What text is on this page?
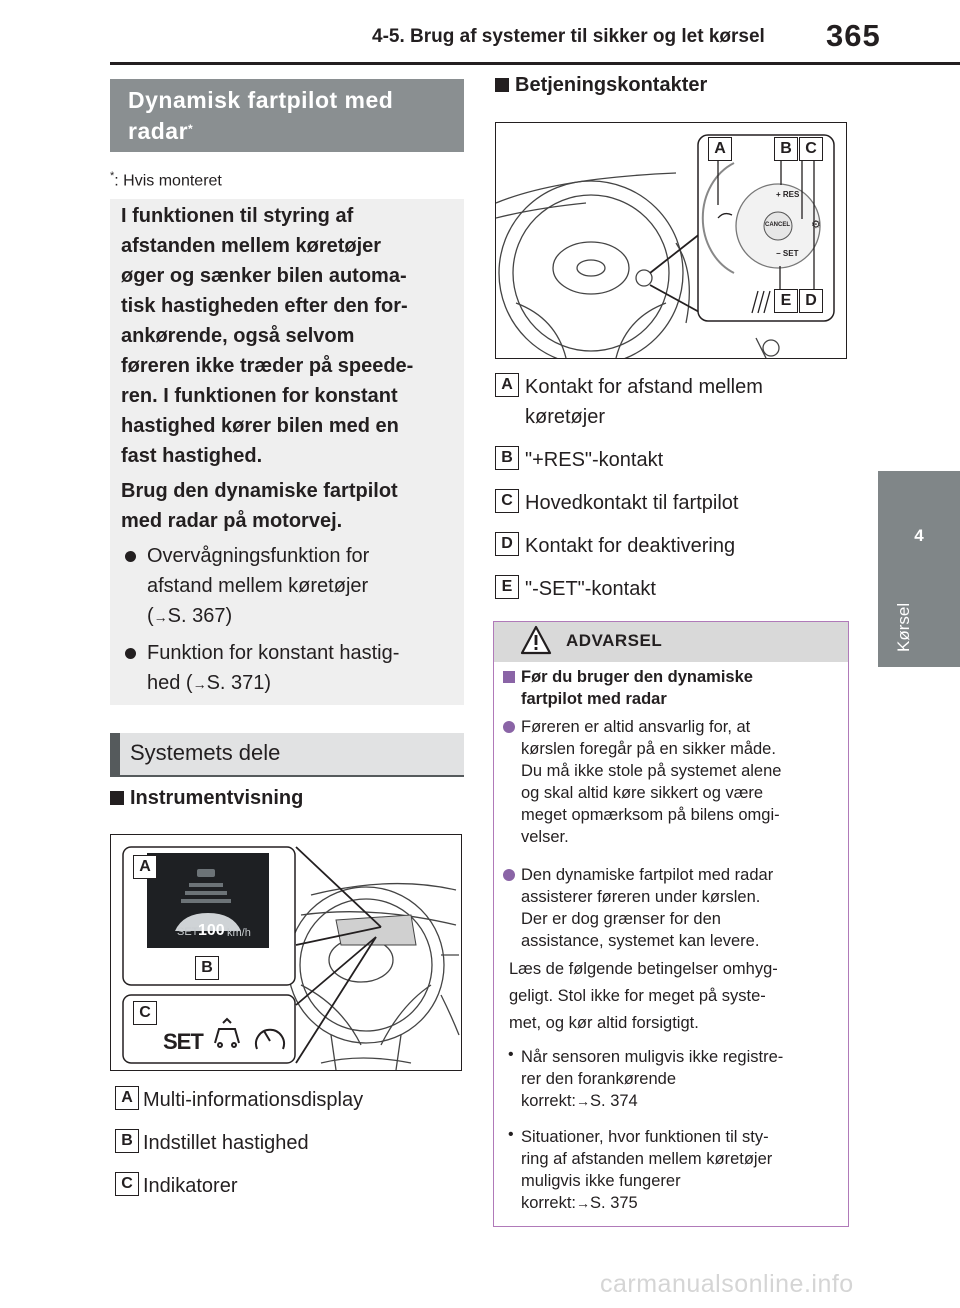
4-5. Brug af systemer til sikker og let kørsel 365
4
Kørsel
Dynamisk fartpilot med
radar*
*: Hvis monteret
I funktionen til styring af
afstanden mellem køretøjer
øger og sænker bilen automa-
tisk hastigheden efter den for-
ankørende, også selvom
føreren ikke træder på speede-
ren. I funktionen for konstant
hastighed kører bilen med en
fast hastighed.
Brug den dynamiske fartpilot
med radar på motorvej.
Overvågningsfunktion for
afstand mellem køretøjer
(→S. 367)
Funktion for konstant hastig-
hed (→S. 371)
Systemets dele
Instrumentvisning
SET 100 km/h
SET
A
B
C
A Multi-informationsdisplay
B Indstillet hastighed
C Indikatorer
Betjeningskontakter
+ RES
CANCEL
− SET
⚙
A	B C
E D
A Kontakt for afstand mellem
køretøjer
B "+RES"-kontakt
C Hovedkontakt til fartpilot
D Kontakt for deaktivering
E "-SET"-kontakt
ADVARSEL
Før du bruger den dynamiske
fartpilot med radar
Føreren er altid ansvarlig for, at
kørslen foregår på en sikker måde.
Du må ikke stole på systemet alene
og skal altid køre sikkert og være
meget opmærksom på bilens omgi-
velser.
Den dynamiske fartpilot med radar
assisterer føreren under kørslen.
Der er dog grænser for den
assistance, systemet kan levere.
Læs de følgende betingelser omhyg-
geligt. Stol ikke for meget på syste-
met, og kør altid forsigtigt.
• Når sensoren muligvis ikke registre-
rer den forankørende
korrekt:→S. 374
• Situationer, hvor funktionen til sty-
ring af afstanden mellem køretøjer
muligvis ikke fungerer
korrekt:→S. 375
carmanualsonline.info
